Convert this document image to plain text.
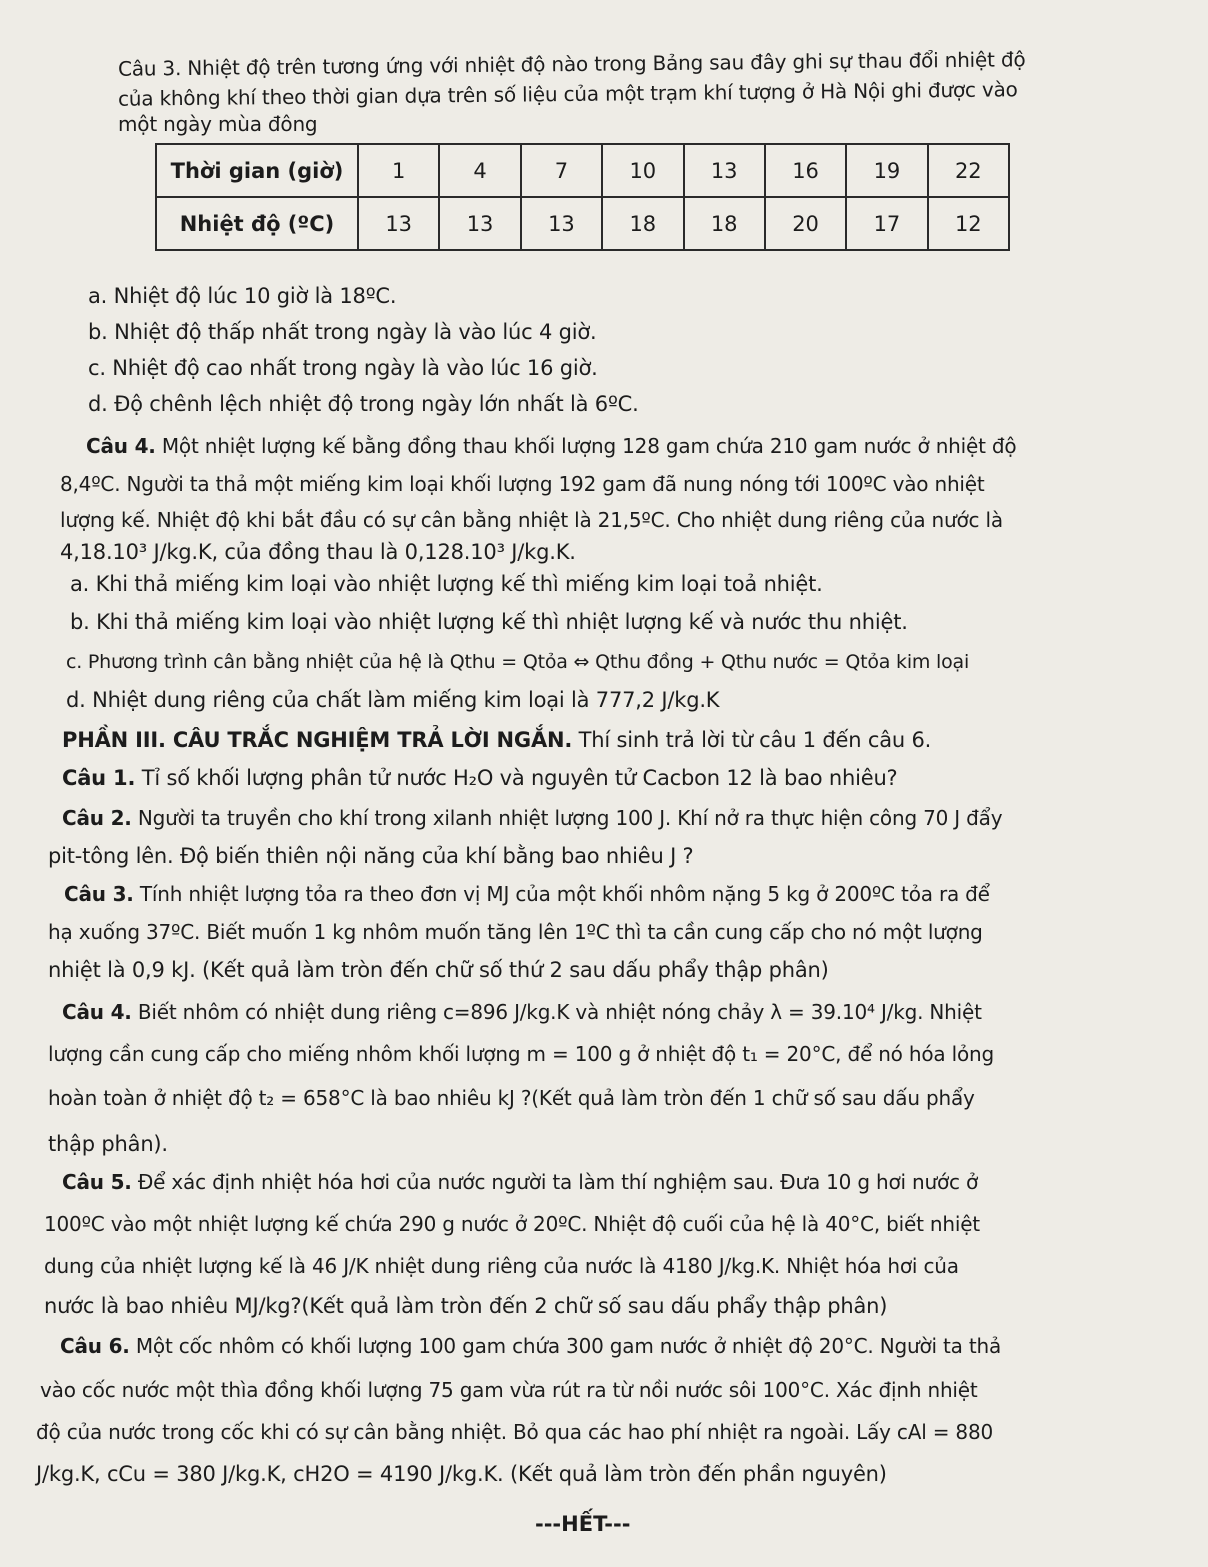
Câu 3. Nhiệt độ trên tương ứng với nhiệt độ nào trong Bảng sau đây ghi sự thau đổi nhiệt độ
của không khí theo thời gian dựa trên số liệu của một trạm khí tượng ở Hà Nội ghi được vào
một ngày mùa đông
Thời gian (giờ)	1	4	7	10	13	16	19	22
Nhiệt độ (ºC)	13	13	13	18	18	20	17	12
a. Nhiệt độ lúc 10 giờ là 18ºC.
b. Nhiệt độ thấp nhất trong ngày là vào lúc 4 giờ.
c. Nhiệt độ cao nhất trong ngày là vào lúc 16 giờ.
d. Độ chênh lệch nhiệt độ trong ngày lớn nhất là 6ºC.
Câu 4. Một nhiệt lượng kế bằng đồng thau khối lượng 128 gam chứa 210 gam nước ở nhiệt độ
8,4ºC. Người ta thả một miếng kim loại khối lượng 192 gam đã nung nóng tới 100ºC vào nhiệt
lượng kế. Nhiệt độ khi bắt đầu có sự cân bằng nhiệt là 21,5ºC. Cho nhiệt dung riêng của nước là
4,18.10³ J/kg.K, của đồng thau là 0,128.10³ J/kg.K.
a. Khi thả miếng kim loại vào nhiệt lượng kế thì miếng kim loại toả nhiệt.
b. Khi thả miếng kim loại vào nhiệt lượng kế thì nhiệt lượng kế và nước thu nhiệt.
c. Phương trình cân bằng nhiệt của hệ là Qthu = Qtỏa ⇔ Qthu đồng + Qthu nước = Qtỏa kim loại
d. Nhiệt dung riêng của chất làm miếng kim loại là 777,2 J/kg.K
PHẦN III. CÂU TRẮC NGHIỆM TRẢ LỜI NGẮN. Thí sinh trả lời từ câu 1 đến câu 6.
Câu 1. Tỉ số khối lượng phân tử nước H₂O và nguyên tử Cacbon 12 là bao nhiêu?
Câu 2. Người ta truyền cho khí trong xilanh nhiệt lượng 100 J. Khí nở ra thực hiện công 70 J đẩy
pit-tông lên. Độ biến thiên nội năng của khí bằng bao nhiêu J ?
Câu 3. Tính nhiệt lượng tỏa ra theo đơn vị MJ của một khối nhôm nặng 5 kg ở 200ºC tỏa ra để
hạ xuống 37ºC. Biết muốn 1 kg nhôm muốn tăng lên 1ºC thì ta cần cung cấp cho nó một lượng
nhiệt là 0,9 kJ. (Kết quả làm tròn đến chữ số thứ 2 sau dấu phẩy thập phân)
Câu 4. Biết nhôm có nhiệt dung riêng c=896 J/kg.K và nhiệt nóng chảy λ = 39.10⁴ J/kg. Nhiệt
lượng cần cung cấp cho miếng nhôm khối lượng m = 100 g ở nhiệt độ t₁ = 20°C, để nó hóa lỏng
hoàn toàn ở nhiệt độ t₂ = 658°C là bao nhiêu kJ ?(Kết quả làm tròn đến 1 chữ số sau dấu phẩy
thập phân).
Câu 5. Để xác định nhiệt hóa hơi của nước người ta làm thí nghiệm sau. Đưa 10 g hơi nước ở
100ºC vào một nhiệt lượng kế chứa 290 g nước ở 20ºC. Nhiệt độ cuối của hệ là 40°C, biết nhiệt
dung của nhiệt lượng kế là 46 J/K nhiệt dung riêng của nước là 4180 J/kg.K. Nhiệt hóa hơi của
nước là bao nhiêu MJ/kg?(Kết quả làm tròn đến 2 chữ số sau dấu phẩy thập phân)
Câu 6. Một cốc nhôm có khối lượng 100 gam chứa 300 gam nước ở nhiệt độ 20°C. Người ta thả
vào cốc nước một thìa đồng khối lượng 75 gam vừa rút ra từ nồi nước sôi 100°C. Xác định nhiệt
độ của nước trong cốc khi có sự cân bằng nhiệt. Bỏ qua các hao phí nhiệt ra ngoài. Lấy cAl = 880
J/kg.K, cCu = 380 J/kg.K, cH2O = 4190 J/kg.K. (Kết quả làm tròn đến phần nguyên)
---HẾT---
